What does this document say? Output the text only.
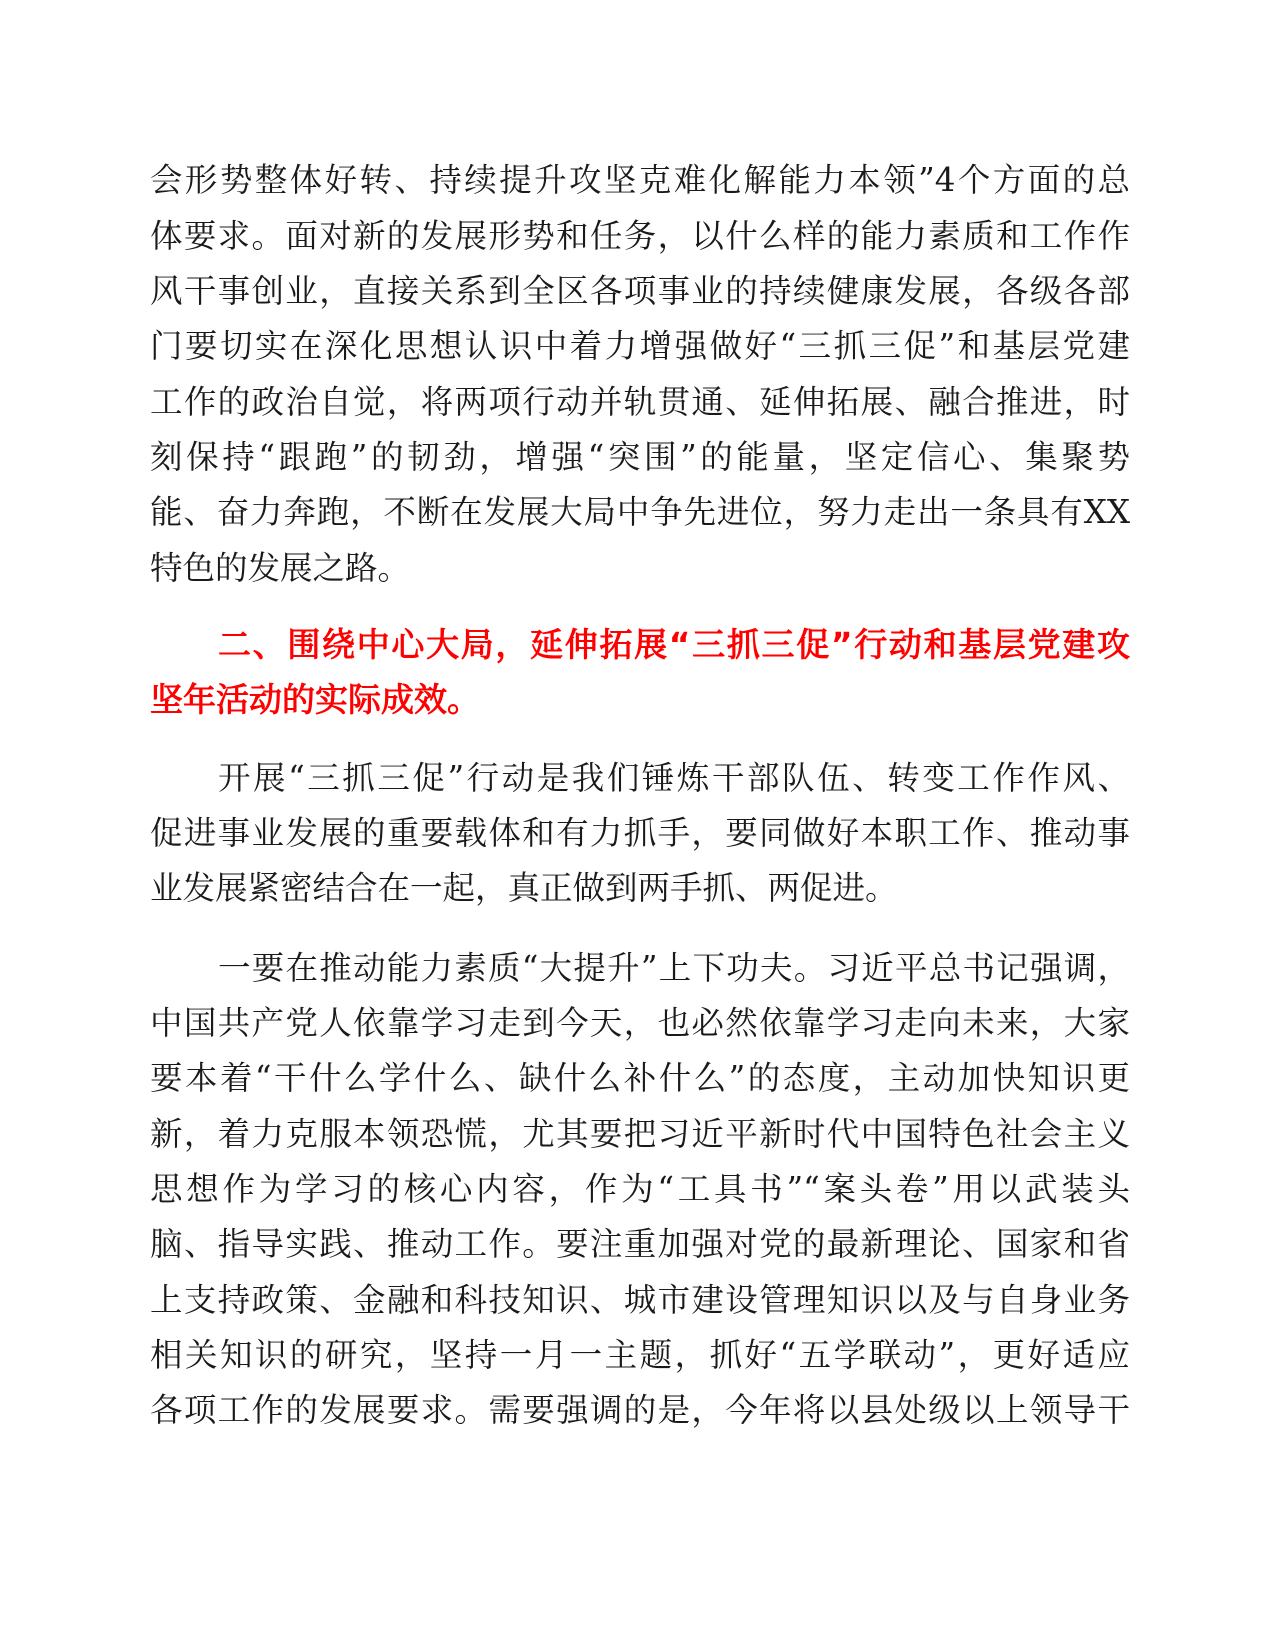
会形势整体好转、持续提升攻坚克难化解能力本领”4个方面的总
体要求。面对新的发展形势和任务，以什么样的能力素质和工作作
风干事创业，直接关系到全区各项事业的持续健康发展，各级各部
门要切实在深化思想认识中着力增强做好“三抓三促”和基层党建
工作的政治自觉，将两项行动并轨贯通、延伸拓展、融合推进，时
刻保持“跟跑”的韧劲，增强“突围”的能量，坚定信心、集聚势
能、奋力奔跑，不断在发展大局中争先进位，努力走出一条具有XX
特色的发展之路。
二、围绕中心大局，延伸拓展“三抓三促”行动和基层党建攻
坚年活动的实际成效。
开展“三抓三促”行动是我们锤炼干部队伍、转变工作作风、
促进事业发展的重要载体和有力抓手，要同做好本职工作、推动事
业发展紧密结合在一起，真正做到两手抓、两促进。
一要在推动能力素质“大提升”上下功夫。习近平总书记强调，
中国共产党人依靠学习走到今天，也必然依靠学习走向未来，大家
要本着“干什么学什么、缺什么补什么”的态度，主动加快知识更
新，着力克服本领恐慌，尤其要把习近平新时代中国特色社会主义
思想作为学习的核心内容，作为“工具书”“案头卷”用以武装头
脑、指导实践、推动工作。要注重加强对党的最新理论、国家和省
上支持政策、金融和科技知识、城市建设管理知识以及与自身业务
相关知识的研究，坚持一月一主题，抓好“五学联动”，更好适应
各项工作的发展要求。需要强调的是，今年将以县处级以上领导干
